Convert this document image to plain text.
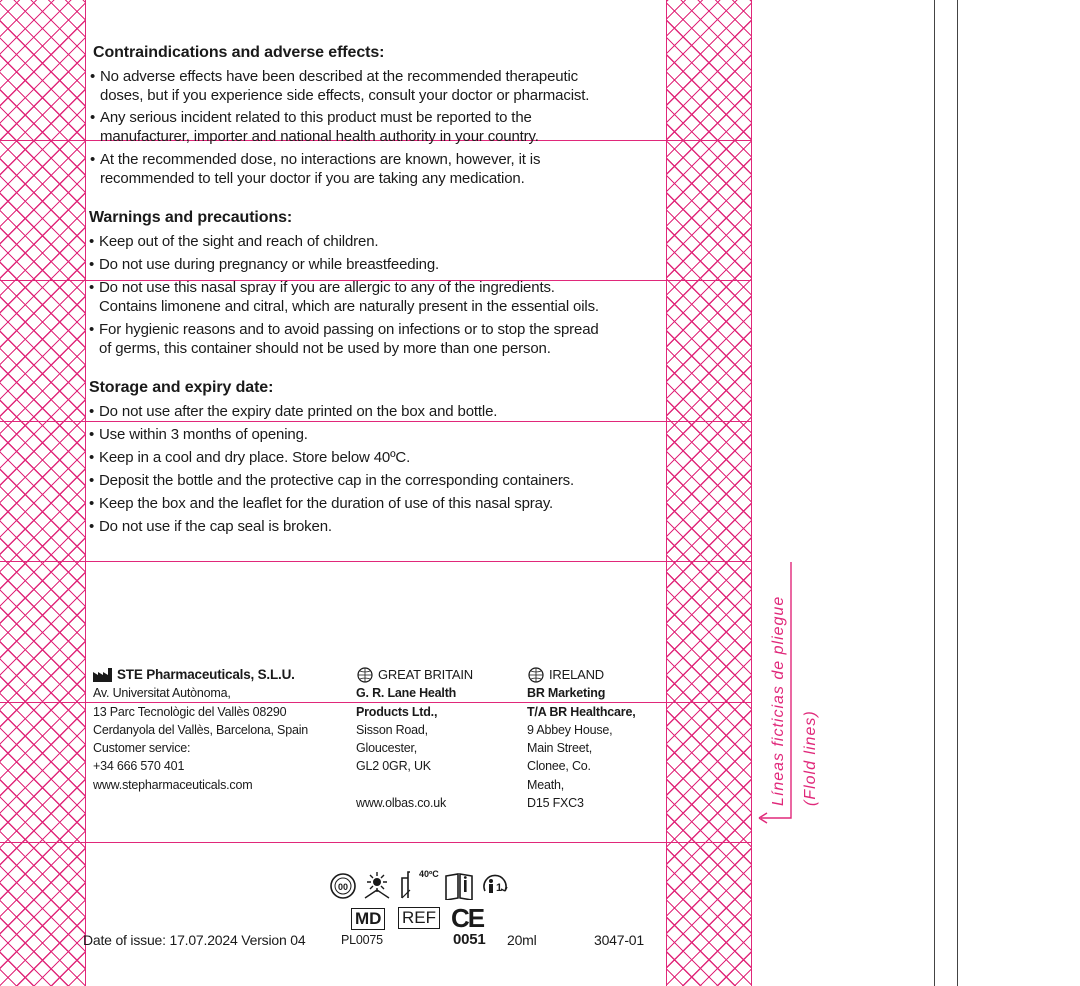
Contraindications and adverse effects:
• No adverse effects have been described at the recommended therapeutic
doses, but if you experience side effects, consult your doctor or pharmacist.
• Any serious incident related to this product must be reported to the
manufacturer, importer and national health authority in your country.
• At the recommended dose, no interactions are known, however, it is
recommended to tell your doctor if you are taking any medication.
Warnings and precautions:
• Keep out of the sight and reach of children.
• Do not use during pregnancy or while breastfeeding.
• Do not use this nasal spray if you are allergic to any of the ingredients.
Contains limonene and citral, which are naturally present in the essential oils.
• For hygienic reasons and to avoid passing on infections or to stop the spread
of germs, this container should not be used by more than one person.
Storage and expiry date:
• Do not use after the expiry date printed on the box and bottle.
• Use within 3 months of opening.
• Keep in a cool and dry place. Store below 40ºC.
• Deposit the bottle and the protective cap in the corresponding containers.
• Keep the box and the leaflet for the duration of use of this nasal spray.
• Do not use if the cap seal is broken.
STE Pharmaceuticals, S.L.U.
Av. Universitat Autònoma,
13 Parc Tecnològic del Vallès 08290
Cerdanyola del Vallès, Barcelona, Spain
Customer service:
+34 666 570 401
www.stepharmaceuticals.com
GREAT BRITAIN
G. R. Lane Health
Products Ltd.,
Sisson Road,
Gloucester,
GL2 0GR, UK
www.olbas.co.uk
IRELAND
BR Marketing
T/A BR Healthcare,
9 Abbey House,
Main Street,
Clonee, Co.
Meath,
D15 FXC3
00
40ºC
1
MD REF CE
Date of issue: 17.07.2024 Version 04	PL0075	0051 20ml	3047-01
Líneas ficticias de pliegue (Flold lines)
